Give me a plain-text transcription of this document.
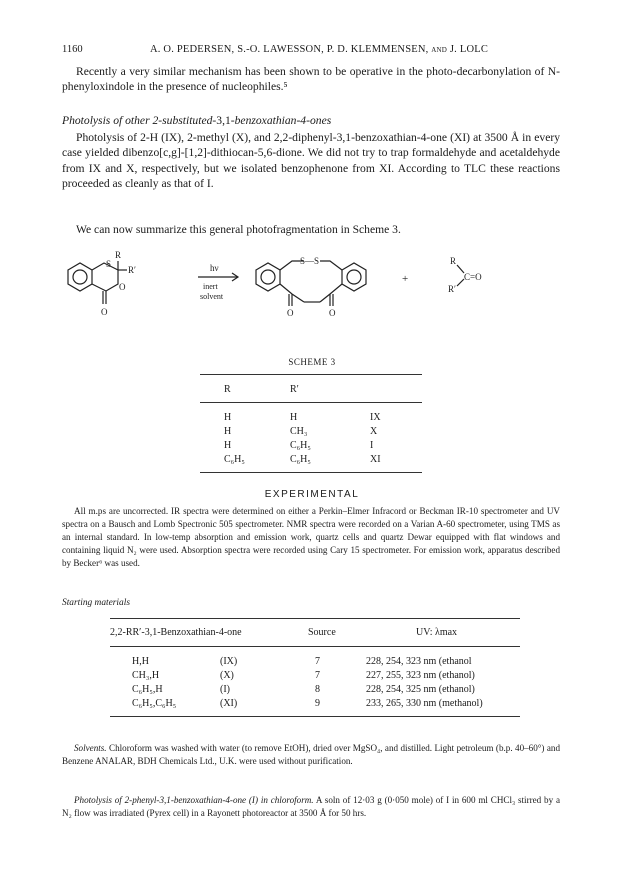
1160	A. O. PEDERSEN, S.-O. LAWESSON, P. D. KLEMMENSEN, and J. LOLC

Recently a very similar mechanism has been shown to be operative in the photo-decarbonylation of N-phenyloxindole in the presence of nucleophiles.⁵

Photolysis of other 2-substituted-3,1-benzoxathian-4-ones

Photolysis of 2-H (IX), 2-methyl (X), and 2,2-diphenyl-3,1-benzoxathian-4-one (XI) at 3500 Å in every case yielded dibenzo[c,g]-[1,2]-dithiocan-5,6-dione. We did not try to trap formaldehyde and acetaldehyde from IX and X, respectively, but we isolated benzophenone from XI. According to TLC these reactions proceeded as cleanly as that of I.

We can now summarize this general photofragmentation in Scheme 3.

R
R′
S
O
O
hν
inert
solvent
S—S
O	O
+
R
R′
C=O
SCHEME 3
R	R′
H	H	IX
H	CH₃	X
H	C₆H₅	I
C₆H₅	C₆H₅	XI
EXPERIMENTAL

All m.ps are uncorrected. IR spectra were determined on either a Perkin–Elmer Infracord or Beckman IR-10 spectrometer and UV spectra on a Bausch and Lomb Spectronic 505 spectrometer. NMR spectra were recorded on a Varian A-60 spectrometer, using TMS as an internal standard. In low-temp absorption and emission work, quartz cells and quartz Dewar equipped with flat windows and containing liquid N₂ were used. Absorption spectra were recorded using Cary 15 spectrometer. For emission work, apparatus described by Becker⁶ was used.

Starting materials
2,2-RR′-3,1-Benzoxathian-4-one	Source	UV: λmax
H,H	(IX)	7	228, 254, 323 nm (ethanol
CH₃,H	(X)	7	227, 255, 323 nm (ethanol)
C₆H₅,H	(I)	8	228, 254, 325 nm (ethanol)
C₆H₅,C₆H₅	(XI)	9	233, 265, 330 nm (methanol)

Solvents. Chloroform was washed with water (to remove EtOH), dried over MgSO₄, and distilled. Light petroleum (b.p. 40–60°) and Benzene ANALAR, BDH Chemicals Ltd., U.K. were used without purification.

Photolysis of 2-phenyl-3,1-benzoxathian-4-one (I) in chloroform. A soln of 12·03 g (0·050 mole) of I in 600 ml CHCl₃ stirred by a N₂ flow was irradiated (Pyrex cell) in a Rayonett photoreactor at 3500 Å for 50 hrs.
